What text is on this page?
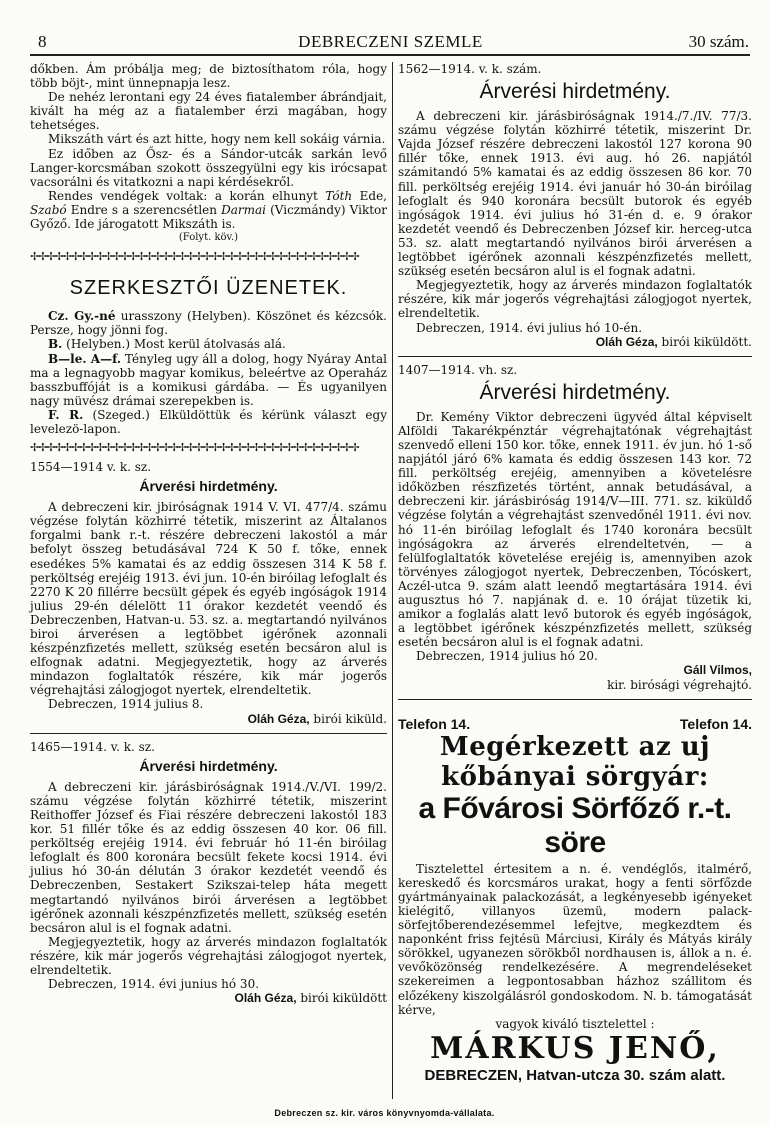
8	DEBRECZENI SZEMLE	30 szám.

dőkben. Ám próbálja meg; de biztosíthatom róla, hogy több böjt-, mint ünnepnapja lesz.

De nehéz lerontani egy 24 éves fiatalember ábrándjait, kivált ha még az a fiatalember érzi magában, hogy tehetséges.

Mikszáth várt és azt hitte, hogy nem kell sokáig várnia.

Ez időben az Ősz- és a Sándor-utcák sarkán levő Langer-korcsmában szokott összegyülni egy kis irócsapat vacsorálni és vitatkozni a napi kérdésekről.

Rendes vendégek voltak: a korán elhunyt Tóth Ede, Szabó Endre s a szerencsétlen Darmai (Viczmándy) Viktor Győző. Ide járogatott Mikszáth is.

(Folyt. köv.)

✢✢✢✢✢✢✢✢✢✢✢✢✢✢✢✢✢✢✢✢✢✢✢✢✢✢✢✢✢✢✢✢✢✢✢✢✢✢✢✢
SZERKESZTŐI ÜZENETEK.

Cz. Gy.-né urasszony (Helyben). Köszönet és kézcsók. Persze, hogy jönni fog.

B. (Helyben.) Most kerül átolvasás alá.

B—le. A—f. Tényleg ugy áll a dolog, hogy Nyáray Antal ma a legnagyobb magyar komikus, beleértve az Operaház basszbuffóját is a komikusi gárdába. — És ugyanilyen nagy müvész drámai szerepekben is.

F. R. (Szeged.) Elküldöttük és kérünk választ egy levelezö-lapon.

✢✢✢✢✢✢✢✢✢✢✢✢✢✢✢✢✢✢✢✢✢✢✢✢✢✢✢✢✢✢✢✢✢✢✢✢✢✢✢✢

1554—1914 v. k. sz.

Árverési hirdetmény.

A debreczeni kir. jbiróságnak 1914 V. VI. 477/4. számu végzése folytán közhirré tétetik, miszerint az Általanos forgalmi bank r.-t. részére debreczeni lakostól a már befolyt összeg betudásával 724 K 50 f. tőke, ennek esedékes 5% kamatai és az eddig összesen 314 K 58 f. perköltség erejéig 1913. évi jun. 10-én biróilag lefoglalt és 2270 K 20 fillérre becsült gépek és egyéb ingóságok 1914 julius 29-én délelött 11 órakor kezdetét veendő és Debreczenben, Hatvan-u. 53. sz. a. megtartandó nyilvános biroi árverésen a legtöbbet igérőnek azonnali készpénzfizetés mellett, szükség esetén becsáron alul is elfognak adatni. Megjegyeztetik, hogy az árverés mindazon foglaltatók részére, kik már jogerős végrehajtási zálogjogot nyertek, elrendeltetik.

Debreczen, 1914 julius 8.

Oláh Géza, birói kiküld.

1465—1914. v. k. sz.

Árverési hirdetmény.

A debreczeni kir. járásbiróságnak 1914./V./VI. 199/2. számu végzése folytán közhirré tétetik, miszerint Reithoffer József és Fiai részére debreczeni lakostól 183 kor. 51 fillér tőke és az eddig összesen 40 kor. 06 fill. perköltség erejéig 1914. évi február hó 11-én biróilag lefoglalt és 800 koronára becsült fekete kocsi 1914. évi julius hó 30-án délután 3 órakor kezdetét veendő és Debreczenben, Sestakert Szikszai-telep háta megett megtartandó nyilvános birói árverésen a legtöbbet igérőnek azonnali készpénzfizetés mellett, szükség esetén becsáron alul is el fognak adatni.

Megjegyeztetik, hogy az árverés mindazon foglaltatók részére, kik már jogerős végrehajtási zálogjogot nyertek, elrendeltetik.

Debreczen, 1914. évi junius hó 30.

Oláh Géza, birói kiküldött

1562—1914. v. k. szám.

Árverési hirdetmény.

A debreczeni kir. járásbiróságnak 1914./7./IV. 77/3. számu végzése folytán közhirré tétetik, miszerint Dr. Vajda József részére debreczeni lakostól 127 korona 90 fillér tőke, ennek 1913. évi aug. hó 26. napjától számitandó 5% kamatai és az eddig összesen 86 kor. 70 fill. perköltség erejéig 1914. évi január hó 30-án biróilag lefoglalt és 940 koronára becsült butorok és egyéb ingóságok 1914. évi julius hó 31-én d. e. 9 órakor kezdetét veendő és Debreczenben József kir. herceg-utca 53. sz. alatt megtartandó nyilvános birói árverésen a legtöbbet igérőnek azonnali készpénzfizetés mellett, szükség esetén becsáron alul is el fognak adatni.

Megjegyeztetik, hogy az árverés mindazon foglaltatók részére, kik már jogerős végrehajtási zálogjogot nyertek, elrendeltetik.

Debreczen, 1914. évi julius hó 10-én.

Oláh Géza, birói kiküldött.

1407—1914. vh. sz.

Árverési hirdetmény.

Dr. Kemény Viktor debreczeni ügyvéd által képviselt Alföldi Takarékpénztár végrehajtatónak végrehajtást szenvedő elleni 150 kor. tőke, ennek 1911. év jun. hó 1-ső napjától járó 6% kamata és eddig összesen 143 kor. 72 fill. perköltség erejéig, amennyiben a követelésre időközben részfizetés történt, annak betudásával, a debreczeni kir. járásbiróság 1914/V—III. 771. sz. kiküldő végzése folytán a végrehajtást szenvedőnél 1911. évi nov. hó 11-én biróilag lefoglalt és 1740 koronára becsült ingóságokra az árverés elrendeltetvén, — a felülfoglaltatók követelése erejéig is, amennyiben azok törvényes zálogjogot nyertek, Debreczenben, Tócóskert, Aczél-utca 9. szám alatt leendő megtartására 1914. évi augusztus hó 7. napjának d. e. 10 órájat tüzetik ki, amikor a foglalás alatt levő butorok és egyéb ingóságok, a legtöbbet igérőnek készpénzfizetés mellett, szükség esetén becsáron alul is el fognak adatni.

Debreczen, 1914 julius hó 20.

Gáll Vilmos,

kir. birósági végrehajtó.

Telefon 14.	Telefon 14.
Megérkezett az uj
kőbányai sörgyár:
a Fővárosi Sörfőző r.-t. söre

Tisztelettel értesitem a n. é. vendéglős, italmérő, kereskedő és korcsmáros urakat, hogy a fenti sörfőzde gyártmányainak palackozását, a legkényesebb igényeket kielégitő, villanyos üzemü, modern palack-sörfejtőberendezésemmel lefejtve, megkezdtem és naponként friss fejtésü Márciusi, Király és Mátyás király sörökkel, ugyanezen sörökből nordhausen is, állok a n. é. vevőközönség rendelkezésére. A megrendeléseket szekereimen a legpontosabban házhoz szállitom és előzékeny kiszolgálásról gondoskodom. N. b. támogatását kérve,

vagyok kiváló tisztelettel :

MÁRKUS JENŐ,
DEBRECZEN, Hatvan-utcza 30. szám alatt.
Debreczen sz. kir. város könyvnyomda-vállalata.
